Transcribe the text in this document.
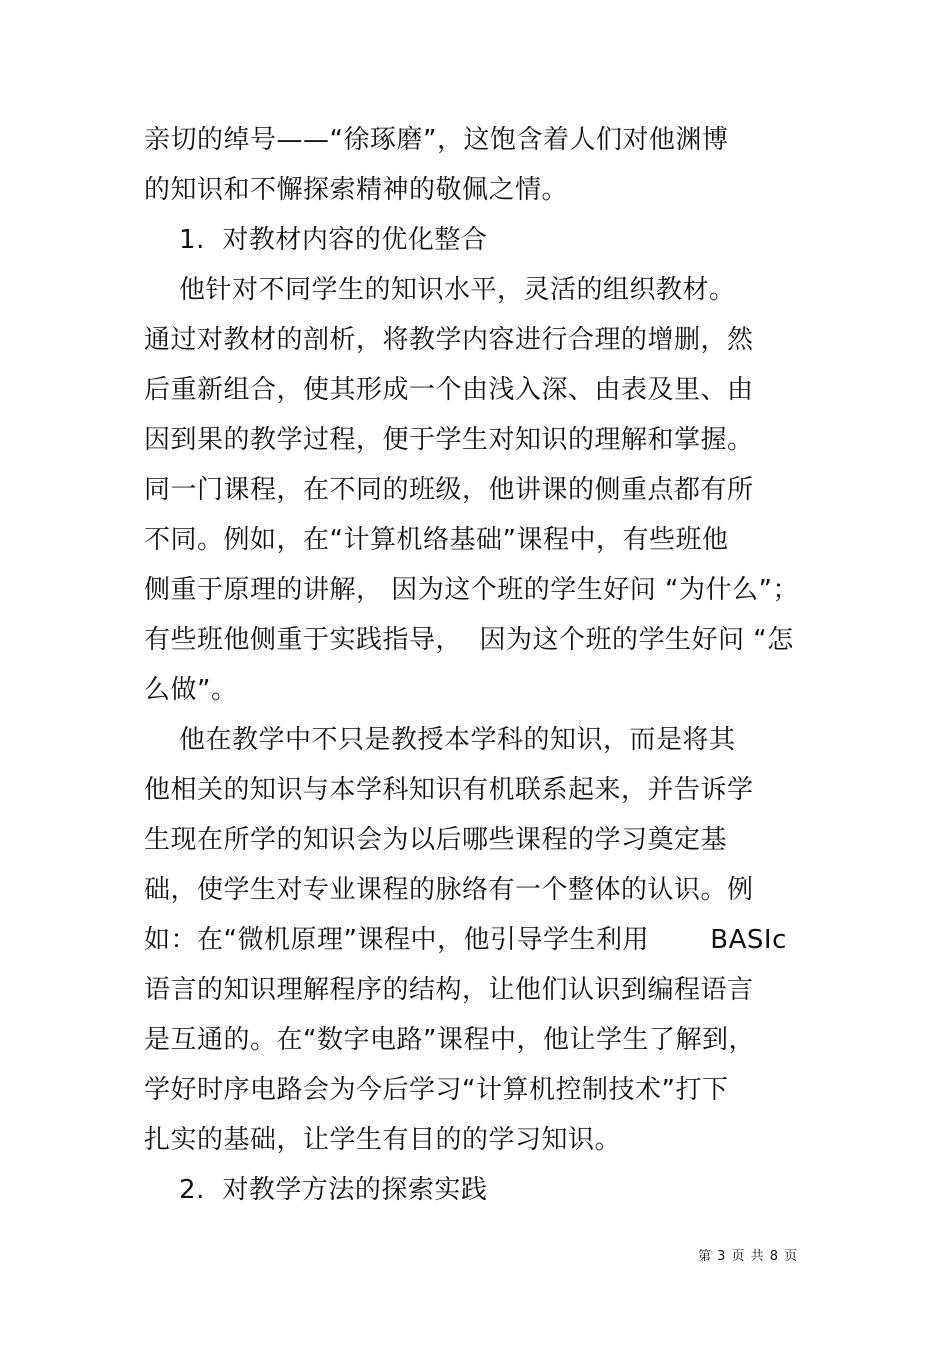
亲切的绰号——“徐琢磨”，这饱含着人们对他渊博
的知识和不懈探索精神的敬佩之情。
1.  对教材内容的优化整合
他针对不同学生的知识水平，灵活的组织教材。
通过对教材的剖析，将教学内容进行合理的增删，然
后重新组合，使其形成一个由浅入深、由表及里、由
因到果的教学过程，便于学生对知识的理解和掌握。
同一门课程，在不同的班级，他讲课的侧重点都有所
不同。例如，在“计算机络基础”课程中，有些班他
侧重于原理的讲解， 因为这个班的学生好问 “为什么”；
有些班他侧重于实践指导，  因为这个班的学生好问 “怎
么做”。
他在教学中不只是教授本学科的知识，而是将其
他相关的知识与本学科知识有机联系起来，并告诉学
生现在所学的知识会为以后哪些课程的学习奠定基
础，使学生对专业课程的脉络有一个整体的认识。例
如：在“微机原理”课程中，他引导学生利用       BASIc
语言的知识理解程序的结构，让他们认识到编程语言
是互通的。在“数字电路”课程中，他让学生了解到，
学好时序电路会为今后学习“计算机控制技术”打下
扎实的基础，让学生有目的的学习知识。
2.  对教学方法的探索实践
第 3 页 共 8 页
